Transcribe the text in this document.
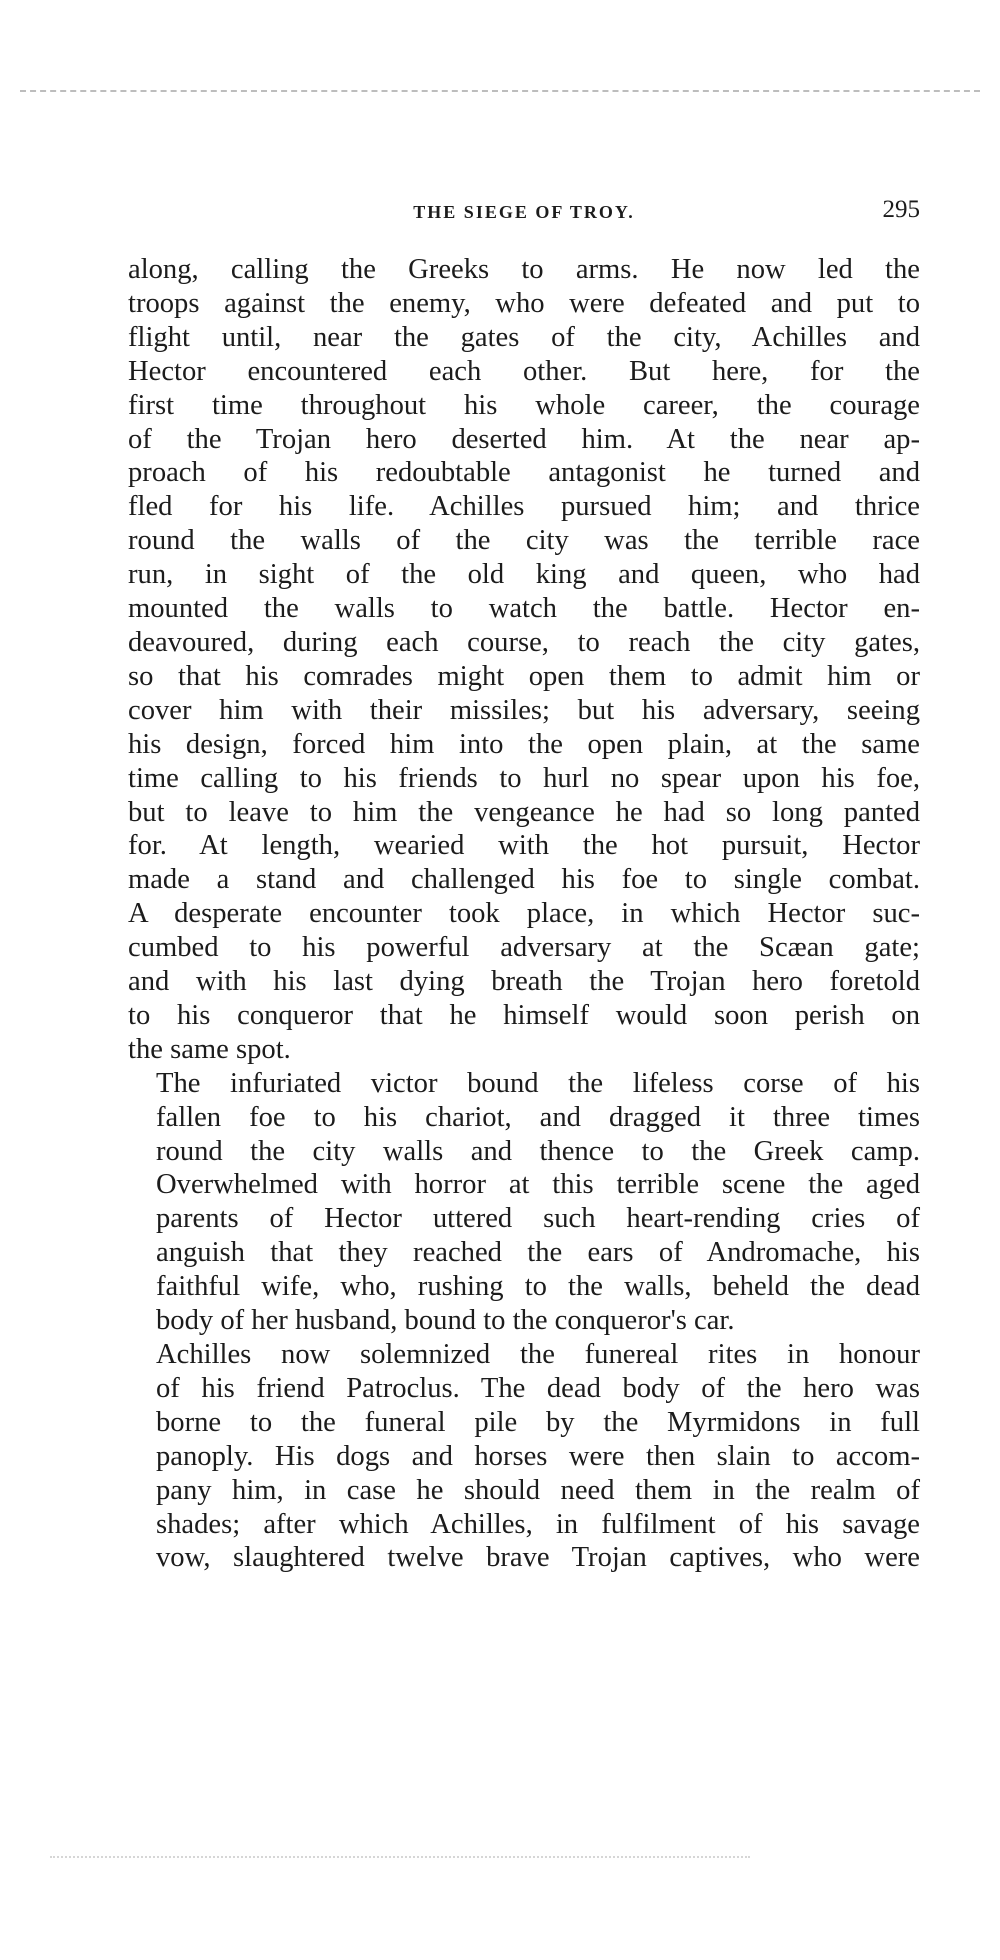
THE SIEGE OF TROY.	295
along, calling the Greeks to arms. He now led the
troops against the enemy, who were defeated and put to
flight until, near the gates of the city, Achilles and
Hector encountered each other. But here, for the
first time throughout his whole career, the courage
of the Trojan hero deserted him. At the near ap-
proach of his redoubtable antagonist he turned and
fled for his life. Achilles pursued him; and thrice
round the walls of the city was the terrible race
run, in sight of the old king and queen, who had
mounted the walls to watch the battle. Hector en-
deavoured, during each course, to reach the city gates,
so that his comrades might open them to admit him or
cover him with their missiles; but his adversary, seeing
his design, forced him into the open plain, at the same
time calling to his friends to hurl no spear upon his foe,
but to leave to him the vengeance he had so long panted
for. At length, wearied with the hot pursuit, Hector
made a stand and challenged his foe to single combat.
A desperate encounter took place, in which Hector suc-
cumbed to his powerful adversary at the Scæan gate;
and with his last dying breath the Trojan hero foretold
to his conqueror that he himself would soon perish on
the same spot.
The infuriated victor bound the lifeless corse of his
fallen foe to his chariot, and dragged it three times
round the city walls and thence to the Greek camp.
Overwhelmed with horror at this terrible scene the aged
parents of Hector uttered such heart-rending cries of
anguish that they reached the ears of Andromache, his
faithful wife, who, rushing to the walls, beheld the dead
body of her husband, bound to the conqueror's car.
Achilles now solemnized the funereal rites in honour
of his friend Patroclus. The dead body of the hero was
borne to the funeral pile by the Myrmidons in full
panoply. His dogs and horses were then slain to accom-
pany him, in case he should need them in the realm of
shades; after which Achilles, in fulfilment of his savage
vow, slaughtered twelve brave Trojan captives, who were
